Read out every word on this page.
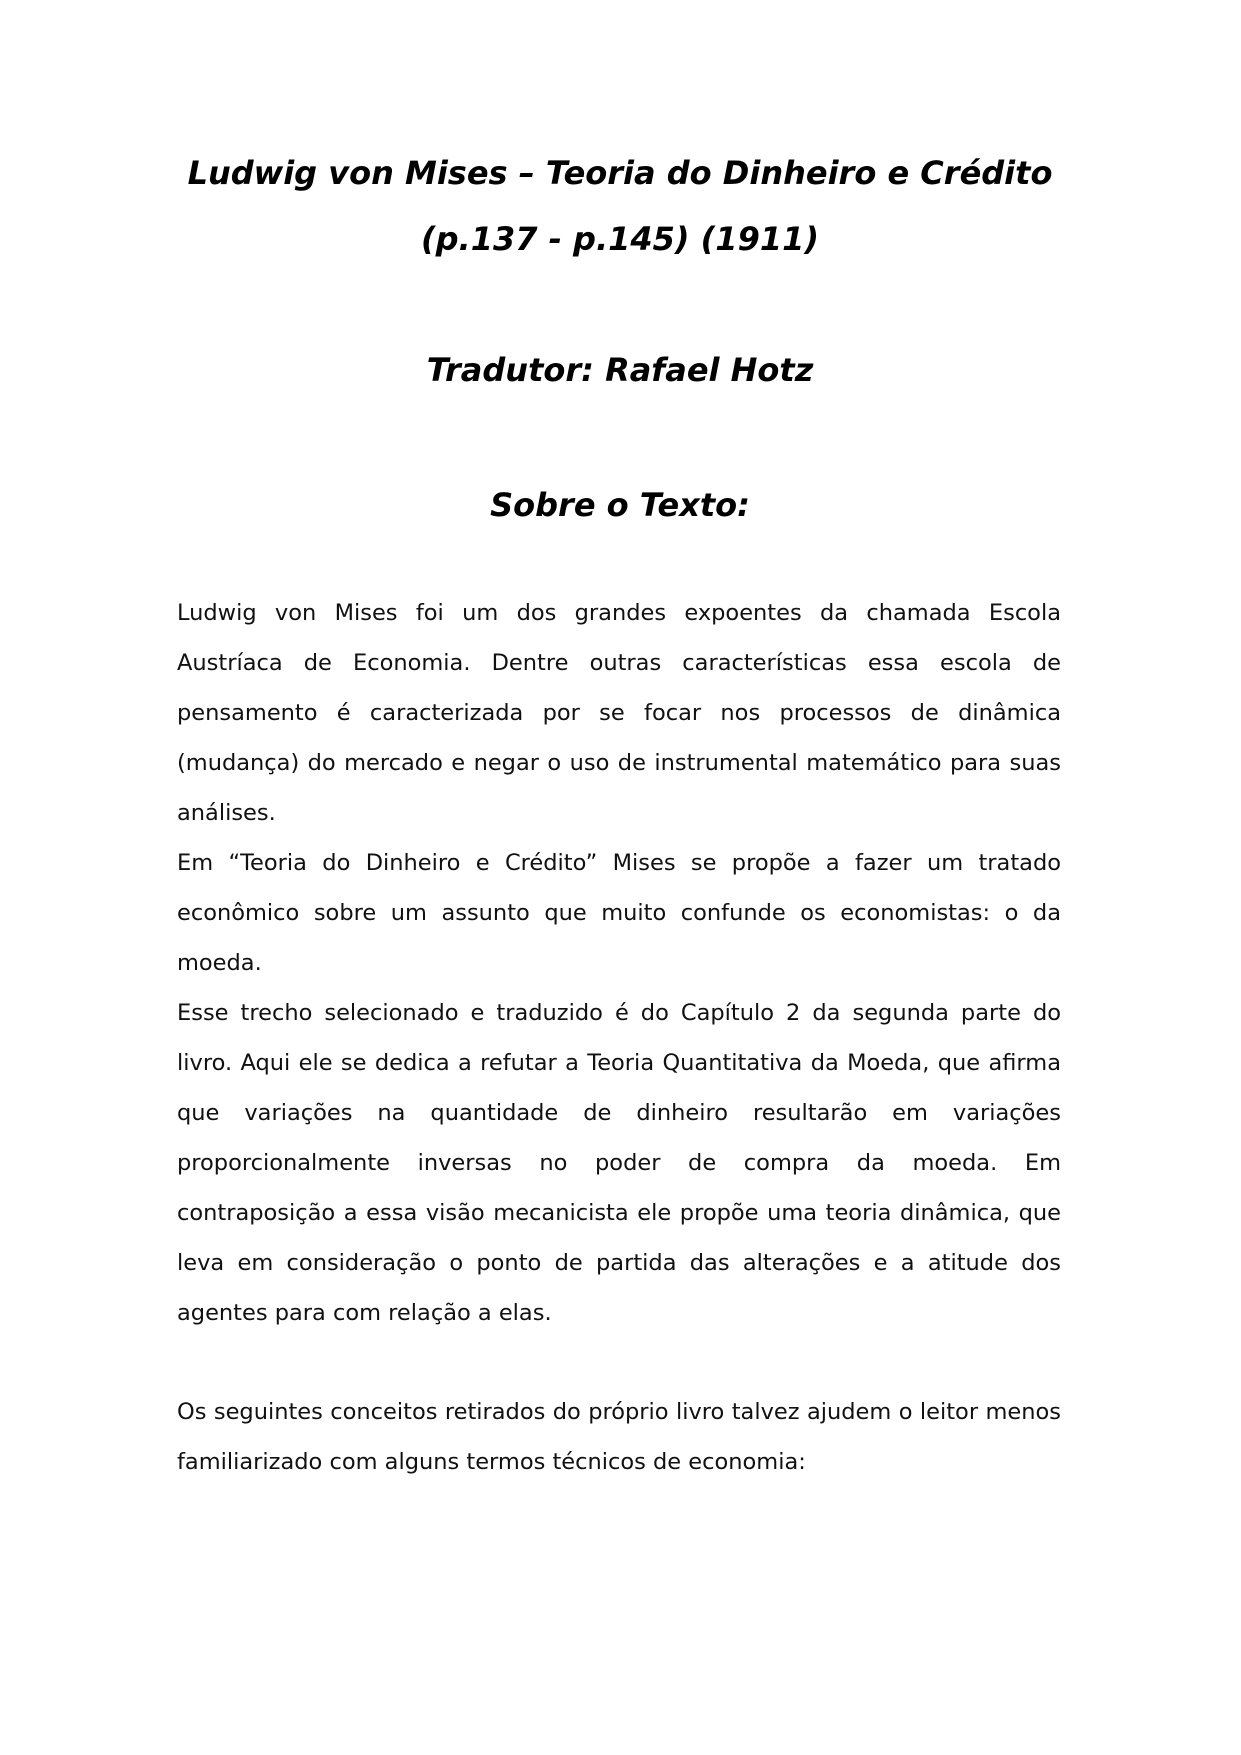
Ludwig von Mises – Teoria do Dinheiro e Crédito (p.137 - p.145) (1911)
Tradutor: Rafael Hotz
Sobre o Texto:

Ludwig von Mises foi um dos grandes expoentes da chamada Escola Austríaca de Economia. Dentre outras características essa escola de pensamento é caracterizada por se focar nos processos de dinâmica (mudança) do mercado e negar o uso de instrumental matemático para suas análises.

Em “Teoria do Dinheiro e Crédito” Mises se propõe a fazer um tratado econômico sobre um assunto que muito confunde os economistas: o da moeda.

Esse trecho selecionado e traduzido é do Capítulo 2 da segunda parte do livro. Aqui ele se dedica a refutar a Teoria Quantitativa da Moeda, que afirma que variações na quantidade de dinheiro resultarão em variações proporcionalmente inversas no poder de compra da moeda. Em contraposição a essa visão mecanicista ele propõe uma teoria dinâmica, que leva em consideração o ponto de partida das alterações e a atitude dos agentes para com relação a elas.

Os seguintes conceitos retirados do próprio livro talvez ajudem o leitor menos familiarizado com alguns termos técnicos de economia:
